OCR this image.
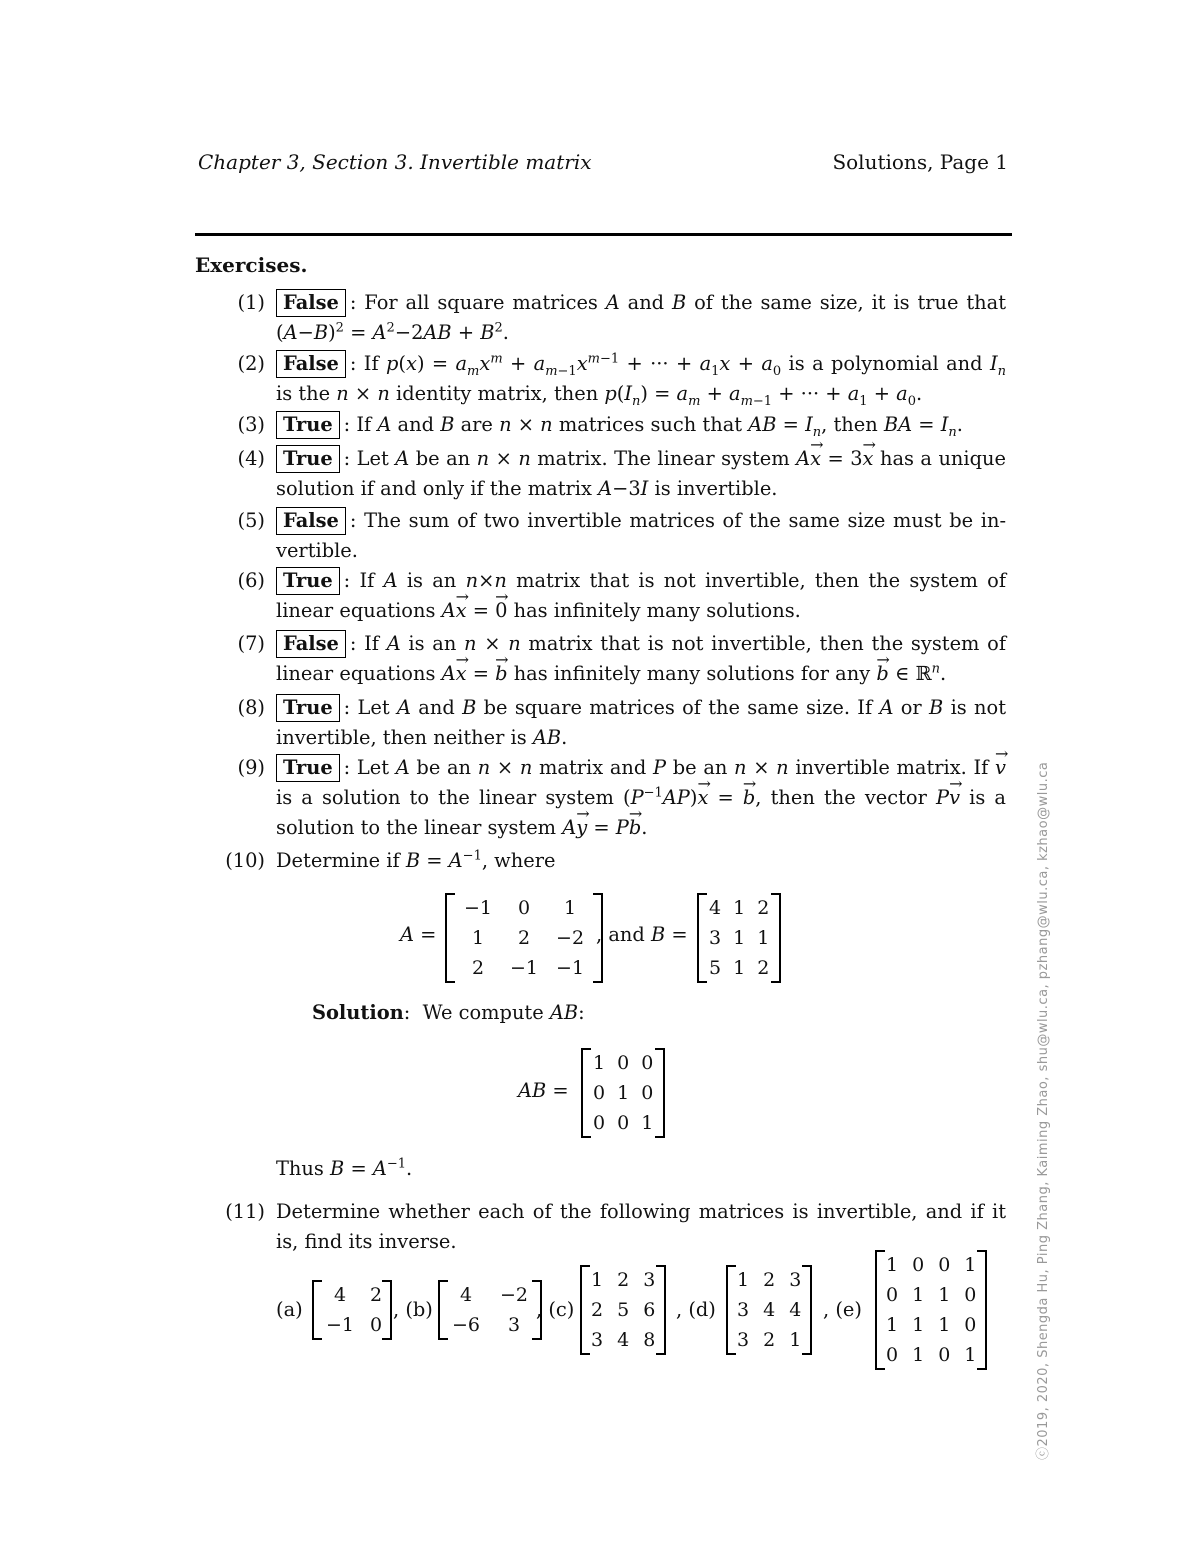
Chapter 3, Section 3. Invertible matrix	Solutions, Page 1
Exercises.
(1) False : For all square matrices A and B of the same size, it is true that $(A-B)^2 = A^2-2AB + B^2$.
(2) False : If $p(x) = a_mx^m + a_{m-1}x^{m-1}$ + ··· + $a_1x + a_0$ is a polynomial and $I_n$ is the n × n identity matrix, then $p(I_n) = a_m + a_{m-1}$ + ··· + $a_1 + a_0$.
(3) True : If A and B are n × n matrices such that AB = $I_n$, then BA = $I_n$.
(4) True : Let A be an n × n matrix. The linear system A→ x = 3→ x has a unique solution if and only if the matrix A−3I is invertible.
(5) False : The sum of two invertible matrices of the same size must be in-vertible.
(6) True : If A is an n×n matrix that is not invertible, then the system of linear equations A→ x = → 0 has infinitely many solutions.
(7) False : If A is an n × n matrix that is not invertible, then the system of linear equations A→ x = → b has infinitely many solutions for any → b ∈ ℝ$^n$.
(8) True : Let A and B be square matrices of the same size. If A or B is not invertible, then neither is AB.
(9) True : Let A be an n × n matrix and P be an n × n invertible matrix. If → v is a solution to the linear system $(P^{-1}AP)\to x$ = → b, then the vector P→ v is a solution to the linear system A→ y = P→ b.
(10) Determine if $B = A^{-1}$, where
A =
−1	0	1
1	2	−2
2	−1	−1
, and B =
4	1	2
3	1	1
5	1	2
Solution:  We compute AB:
AB =
1	0	0
0	1	0
0	0	1
Thus $B = A^{-1}$.
(11) Determine whether each of the following matrices is invertible, and if it is, find its inverse.
(a)
4	2
−1	0
, (b)
4	−2
−6	3
, (c)
1	2	3
2	5	6
3	4	8
, (d)
1	2	3
3	4	4
3	2	1
, (e)
1	0	0	1
0	1	1	0
1	1	1	0
0	1	0	1	ⓒ2019, 2020, Shengda Hu, Ping Zhang, Kaiming Zhao, shu@wlu.ca, pzhang@wlu.ca, kzhao@wlu.ca
